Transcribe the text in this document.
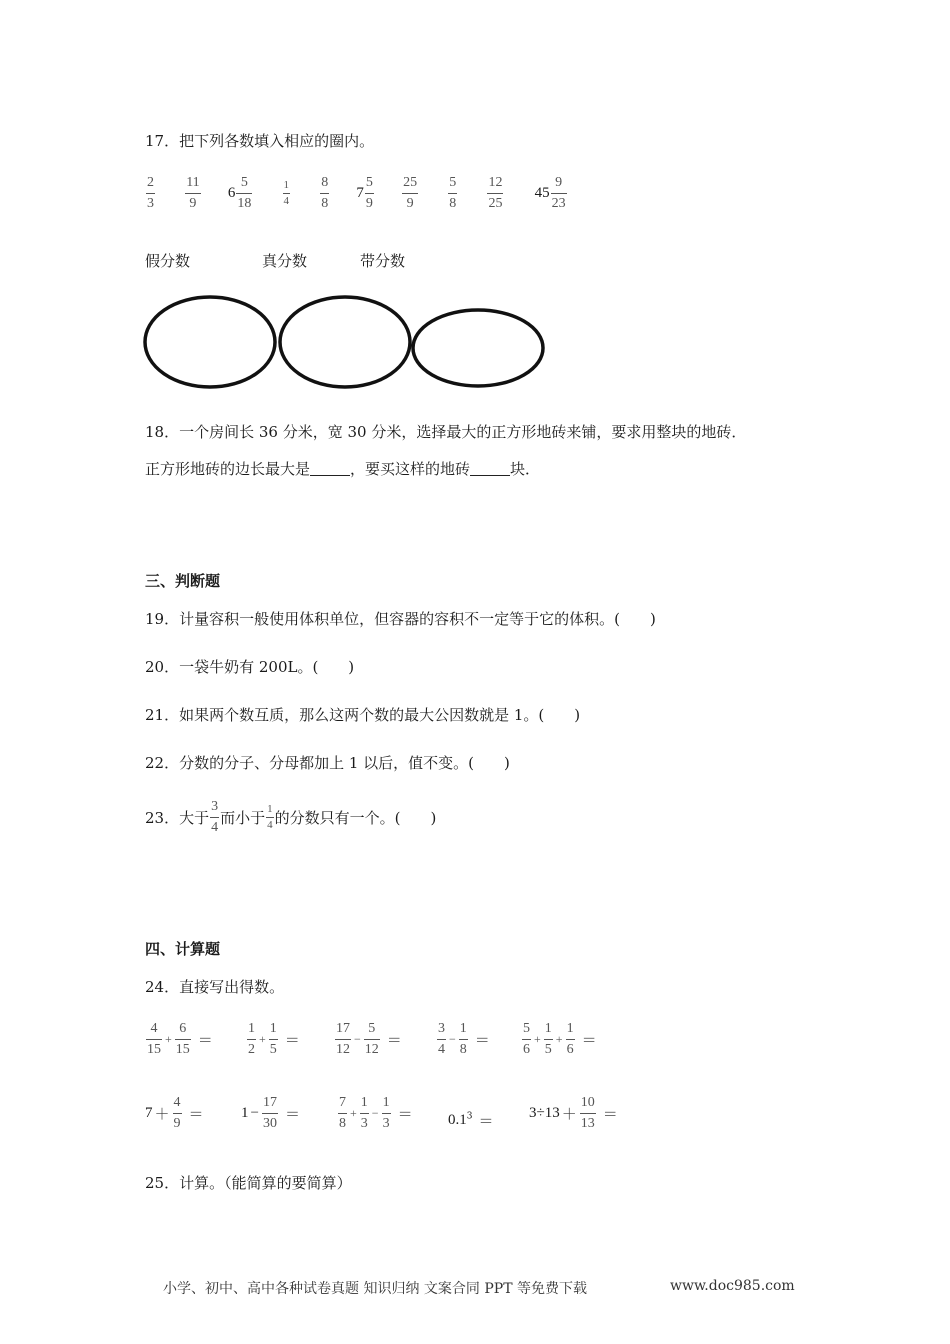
17．把下列各数填入相应的圈内。
$\frac{2}{3}$
$\frac{11}{9} 6 \frac{5}{18}$
	$\frac{1}{4}$
$\frac{8}{8} 7 \frac{5}{9}$
$\frac{25}{9}$
$\frac{5}{8}$
$\frac{12}{25} 45 \frac{9}{23}$
假分数	真分数	带分数
18．一个房间长 36 分米，宽 30 分米，选择最大的正方形地砖来铺，要求用整块的地砖．
正方形地砖的边长最大是	，要买这样的地砖	块．
三、判断题
19．计量容积一般使用体积单位，但容器的容积不一定等于它的体积。(　　)
20．一袋牛奶有 200L。(　　)
21．如果两个数互质，那么这两个数的最大公因数就是 1。(　　)
22．分数的分子、分母都加上 1 以后，值不变。(　　)
23．大于 $\frac{3}{4}$ 而小于 $\frac{1}{4}$ 的分数只有一个。(　　)
四、计算题
24．直接写出得数。
$\frac{4}{15} + \frac{6}{15} = \frac{1}{2} + \frac{1}{5}$ ＝	$\frac{17}{12} - \frac{5}{12}$ ＝	$\frac{3}{4} - \frac{1}{8} = \frac{5}{6} + \frac{1}{5} + \frac{1}{6}$ ＝
$7 + \frac{4}{9} = 1 - \frac{17}{30}$ ＝	$\frac{7}{8} + \frac{1}{3} - \frac{1}{3} = 0.1^3 = 3\div 13 + \frac{10}{13}$ ＝
25．计算。（能简算的要简算）
小学、初中、高中各种试卷真题 知识归纳 文案合同 PPT 等免费下载	www.doc985.com
